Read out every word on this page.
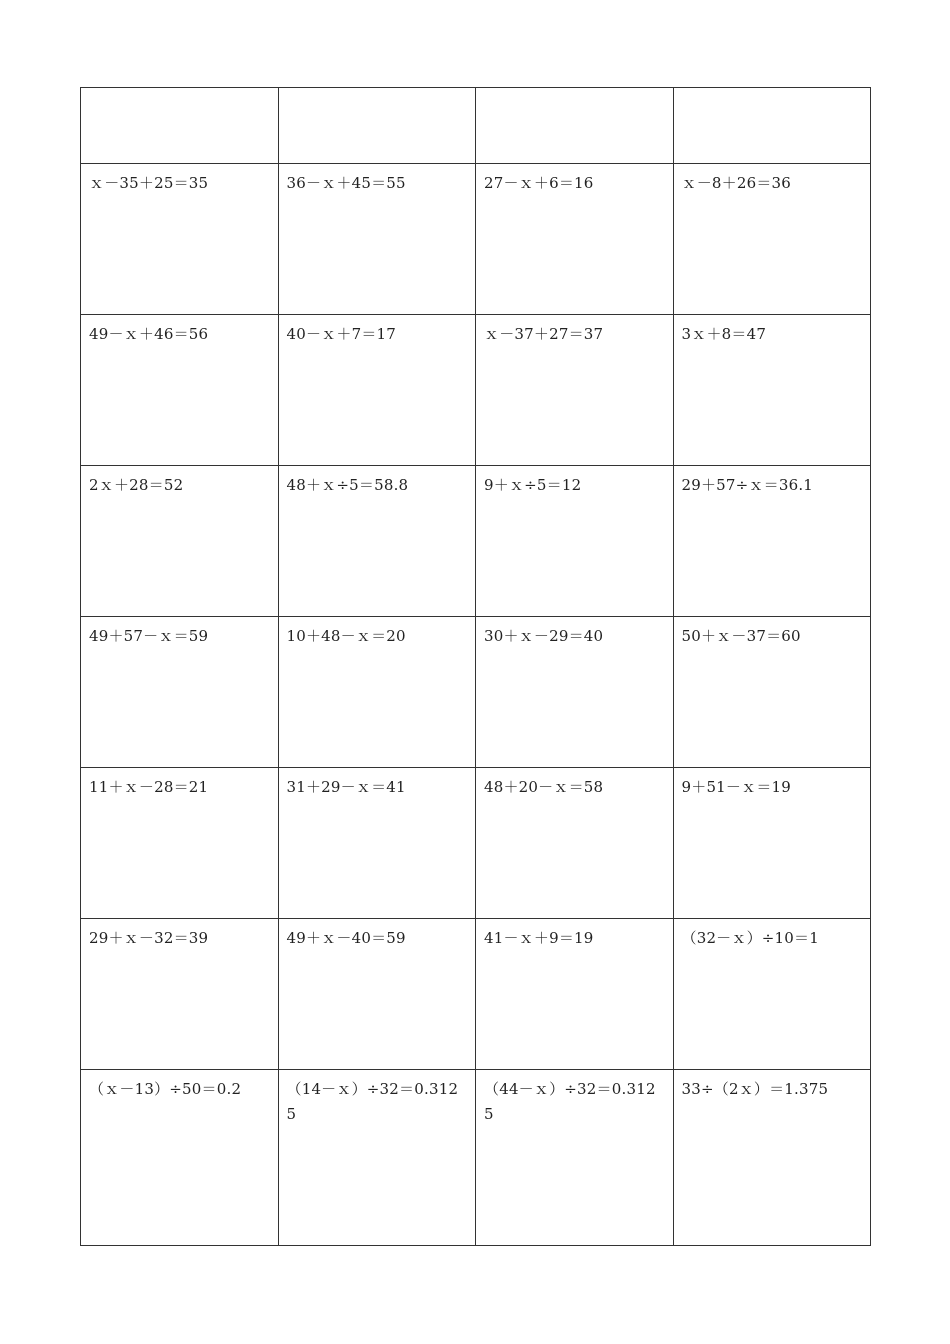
ｘ－35＋25＝35	36－ｘ＋45＝55	27－ｘ＋6＝16	ｘ－8＋26＝36
49－ｘ＋46＝56	40－ｘ＋7＝17	ｘ－37＋27＝37	3ｘ＋8＝47
2ｘ＋28＝52	48＋ｘ÷5＝58.8	9＋ｘ÷5＝12	29＋57÷ｘ＝36.1
49＋57－ｘ＝59	10＋48－ｘ＝20	30＋ｘ－29＝40	50＋ｘ－37＝60
11＋ｘ－28＝21	31＋29－ｘ＝41	48＋20－ｘ＝58	9＋51－ｘ＝19
29＋ｘ－32＝39	49＋ｘ－40＝59	41－ｘ＋9＝19	（32－ｘ）÷10＝1
（ｘ－13）÷50＝0.2	（14－ｘ）÷32＝0.3125	（44－ｘ）÷32＝0.3125	33÷（2ｘ）＝1.375
